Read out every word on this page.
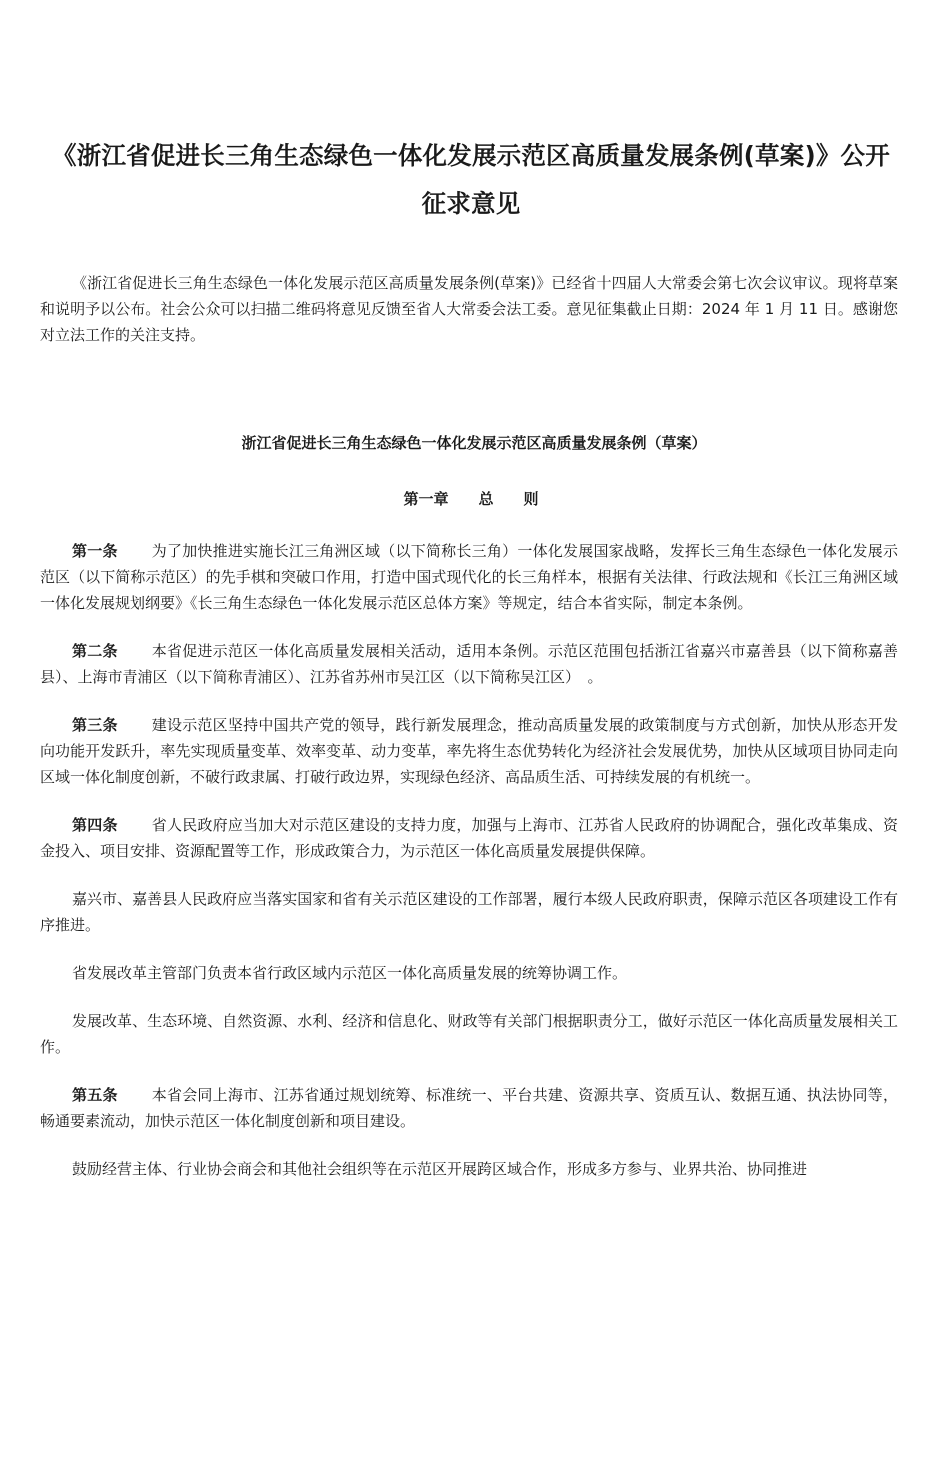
《浙江省促进长三角生态绿色一体化发展示范区高质量发展条例(草案)》公开征求意见

《浙江省促进长三角生态绿色一体化发展示范区高质量发展条例(草案)》已经省十四届人大常委会第七次会议审议。现将草案和说明予以公布。社会公众可以扫描二维码将意见反馈至省人大常委会法工委。意见征集截止日期：2024 年 1 月 11 日。感谢您对立法工作的关注支持。

浙江省促进长三角生态绿色一体化发展示范区高质量发展条例（草案）
第一章　　总　　则

第一条 为了加快推进实施长江三角洲区域（以下简称长三角）一体化发展国家战略，发挥长三角生态绿色一体化发展示范区（以下简称示范区）的先手棋和突破口作用，打造中国式现代化的长三角样本，根据有关法律、行政法规和《长江三角洲区域一体化发展规划纲要》《长三角生态绿色一体化发展示范区总体方案》等规定，结合本省实际，制定本条例。

第二条 本省促进示范区一体化高质量发展相关活动，适用本条例。示范区范围包括浙江省嘉兴市嘉善县（以下简称嘉善县）、上海市青浦区（以下简称青浦区）、江苏省苏州市吴江区（以下简称吴江区）　。

第三条 建设示范区坚持中国共产党的领导，践行新发展理念，推动高质量发展的政策制度与方式创新，加快从形态开发向功能开发跃升，率先实现质量变革、效率变革、动力变革，率先将生态优势转化为经济社会发展优势，加快从区域项目协同走向区域一体化制度创新，不破行政隶属、打破行政边界，实现绿色经济、高品质生活、可持续发展的有机统一。

第四条 省人民政府应当加大对示范区建设的支持力度，加强与上海市、江苏省人民政府的协调配合，强化改革集成、资金投入、项目安排、资源配置等工作，形成政策合力，为示范区一体化高质量发展提供保障。

嘉兴市、嘉善县人民政府应当落实国家和省有关示范区建设的工作部署，履行本级人民政府职责，保障示范区各项建设工作有序推进。

省发展改革主管部门负责本省行政区域内示范区一体化高质量发展的统筹协调工作。

发展改革、生态环境、自然资源、水利、经济和信息化、财政等有关部门根据职责分工，做好示范区一体化高质量发展相关工作。

第五条 本省会同上海市、江苏省通过规划统筹、标准统一、平台共建、资源共享、资质互认、数据互通、执法协同等，畅通要素流动，加快示范区一体化制度创新和项目建设。

鼓励经营主体、行业协会商会和其他社会组织等在示范区开展跨区域合作，形成多方参与、业界共治、协同推进
